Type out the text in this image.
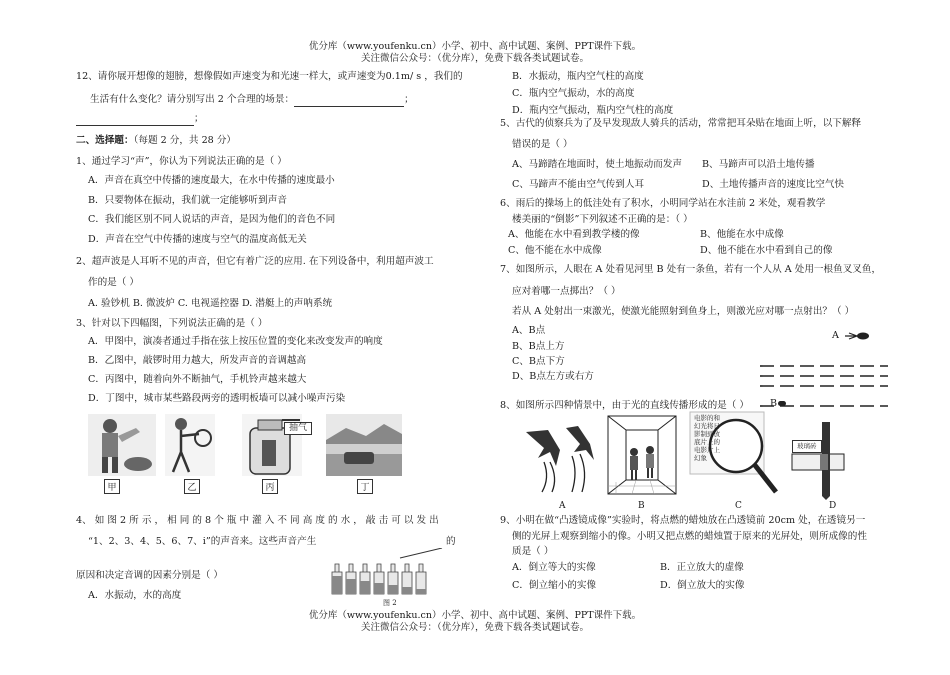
优分库（www.youfenku.cn）小学、初中、高中试题、案例、PPT课件下载。
关注微信公众号：（优分库），免费下载各类试题试卷。
优分库（www.youfenku.cn）小学、初中、高中试题、案例、PPT课件下载。
关注微信公众号：（优分库），免费下载各类试题试卷。
12、请你展开想像的翅膀，想像假如声速变为和光速一样大，或声速变为0.1m/ s ，我们的
生活有什么变化？请分别写出 2 个合理的场景：	；
；
二、选择题：（每题 2 分，共 28 分）
1、通过学习“声”，你认为下列说法正确的是（ ）
A．声音在真空中传播的速度最大，在水中传播的速度最小
B．只要物体在振动，我们就一定能够听到声音
C．我们能区别不同人说话的声音，是因为他们的音色不同
D．声音在空气中传播的速度与空气的温度高低无关
2、超声波是人耳听不见的声音，但它有着广泛的应用. 在下列设备中，利用超声波工
作的是（ ）
A. 验钞机 B. 微波炉 C. 电视遥控器 D. 潜艇上的声呐系统
3、针对以下四幅图，下列说法正确的是（ ）
A．甲图中，演凑者通过手指在弦上按压位置的变化来改变发声的响度
B．乙图中，敲锣时用力越大，所发声音的音调越高
C．丙图中，随着向外不断抽气，手机铃声越来越大
D．丁图中，城市某些路段两旁的透明板墙可以减小噪声污染
甲	乙
抽气
丙	丁
4、 如 图 2 所 示 ， 相 同 的 8 个 瓶 中 灌 入 不 同 高 度 的 水 ， 敲 击 可 以 发 出
“1、2、3、4、5、6、7、i”的声音来。这些声音产生	的
图 2
原因和决定音调的因素分别是（ ）
A．水振动，水的高度
B．水振动，瓶内空气柱的高度
C．瓶内空气振动，水的高度
D．瓶内空气振动，瓶内空气柱的高度
5、古代的侦察兵为了及早发现敌人骑兵的活动，常常把耳朵贴在地面上听，以下解释
错误的是（ ）
A、马蹄踏在地面时，使土地振动而发声 B、马蹄声可以沿土地传播
C、马蹄声不能由空气传到人耳	D、土地传播声音的速度比空气快
6、雨后的操场上的低洼处有了积水，小明同学站在水洼前 2 米处，观看教学
楼美丽的“倒影”下列叙述不正确的是：（ ）
A、他能在水中看到教学楼的像	B、他能在水中成像
C、他不能在水中成像	D、他不能在水中看到自己的像
7、如图所示，人眼在 A 处看见河里 B 处有一条鱼，若有一个人从 A 处用一根鱼叉叉鱼，
应对着哪一点掷出？（ ）
若从 A 处射出一束激光，使激光能照射到鱼身上，则激光应对哪一点射出？（ ）
A、B点
B、B点上方
C、B点下方
D、B点左方或右方
A
B
8、如图所示四种情景中，由于光的直线传播形成的是（ ）
A	B
电影的和
幻光将日
影制到放
底片上的
电影片上
幻象
C
玻璃砖
D
9、小明在做“凸透镜成像”实验时，将点燃的蜡烛放在凸透镜前 20cm 处，在透镜另一
侧的光屏上观察到缩小的像。小明又把点燃的蜡烛置于原来的光屏处，则所成像的性
质是（ ）
A．倒立等大的实像	B．正立放大的虚像
C．倒立缩小的实像	D．倒立放大的实像
